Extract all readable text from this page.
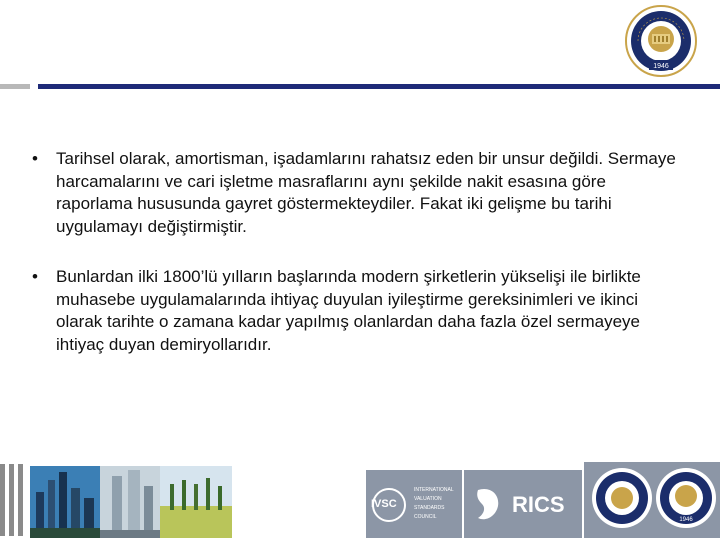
1946
•	Tarihsel olarak, amortisman, işadamlarını rahatsız eden bir unsur değildi. Sermaye harcamalarını ve cari işletme masraflarını aynı şekilde nakit esasına göre raporlama hususunda gayret göstermekteydiler. Fakat iki gelişme bu tarihi uygulamayı değiştirmiştir.
•	Bunlardan ilki 1800’lü yılların başlarında modern şirketlerin yükselişi ile birlikte muhasebe uygulamalarında ihtiyaç duyulan iyileştirme gereksinimleri ve ikinci olarak tarihte o zamana kadar yapılmış olanlardan daha fazla özel sermayeye ihtiyaç duyan demiryollarıdır.
IVSC
INTERNATIONAL
VALUATION
STANDARDS
COUNCIL	RICS
1946
